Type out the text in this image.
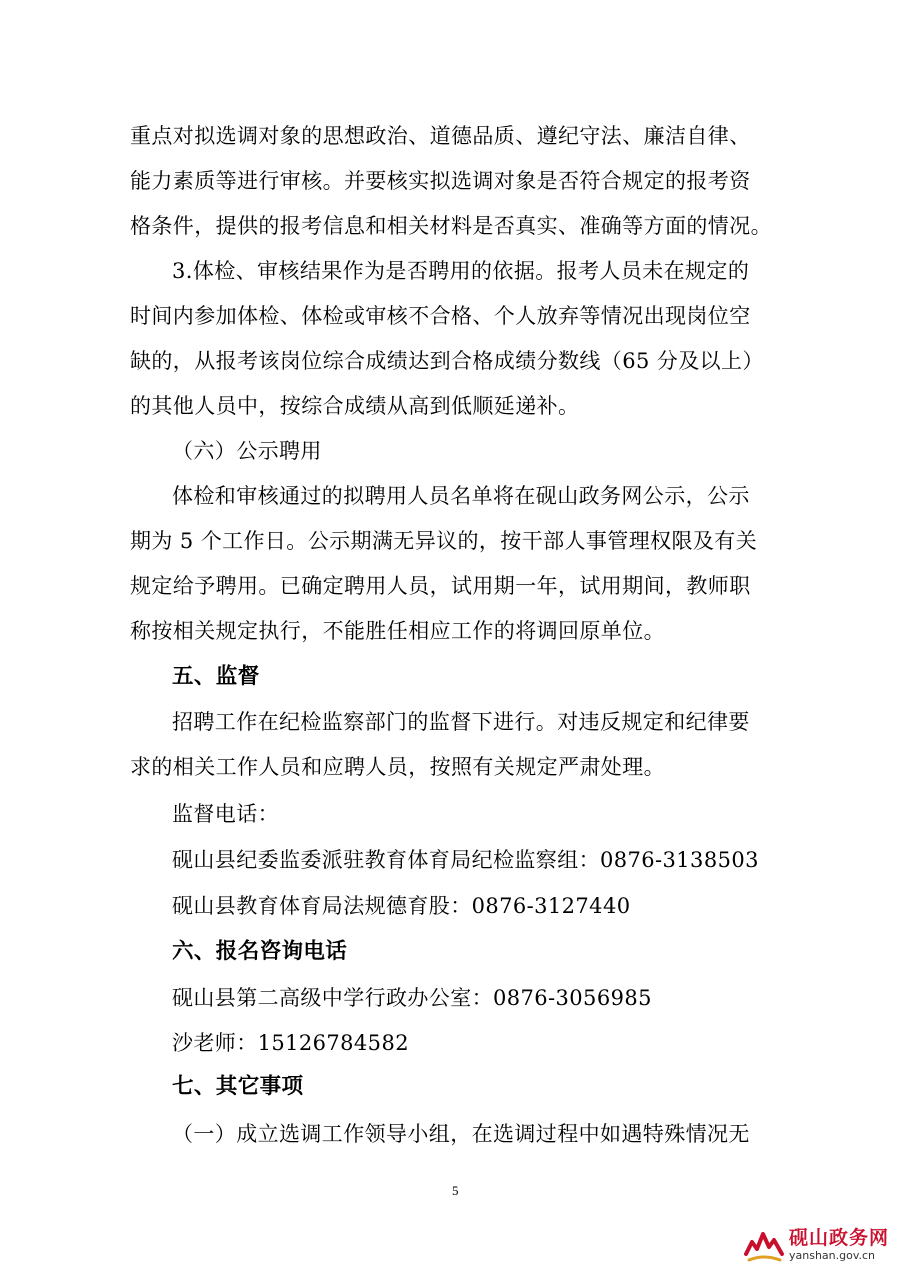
重点对拟选调对象的思想政治、道德品质、遵纪守法、廉洁自律、
能力素质等进行审核。并要核实拟选调对象是否符合规定的报考资
格条件，提供的报考信息和相关材料是否真实、准确等方面的情况。
3.体检、审核结果作为是否聘用的依据。报考人员未在规定的
时间内参加体检、体检或审核不合格、个人放弃等情况出现岗位空
缺的，从报考该岗位综合成绩达到合格成绩分数线（65 分及以上）
的其他人员中，按综合成绩从高到低顺延递补。
（六）公示聘用
体检和审核通过的拟聘用人员名单将在砚山政务网公示，公示
期为 5 个工作日。公示期满无异议的，按干部人事管理权限及有关
规定给予聘用。已确定聘用人员，试用期一年，试用期间，教师职
称按相关规定执行，不能胜任相应工作的将调回原单位。
五、监督
招聘工作在纪检监察部门的监督下进行。对违反规定和纪律要
求的相关工作人员和应聘人员，按照有关规定严肃处理。
监督电话：
砚山县纪委监委派驻教育体育局纪检监察组：0876-3138503
砚山县教育体育局法规德育股：0876-3127440
六、报名咨询电话
砚山县第二高级中学行政办公室：0876-3056985
沙老师：15126784582
七、其它事项
（一）成立选调工作领导小组，在选调过程中如遇特殊情况无
5
砚山政务网
yanshan.gov.cn
